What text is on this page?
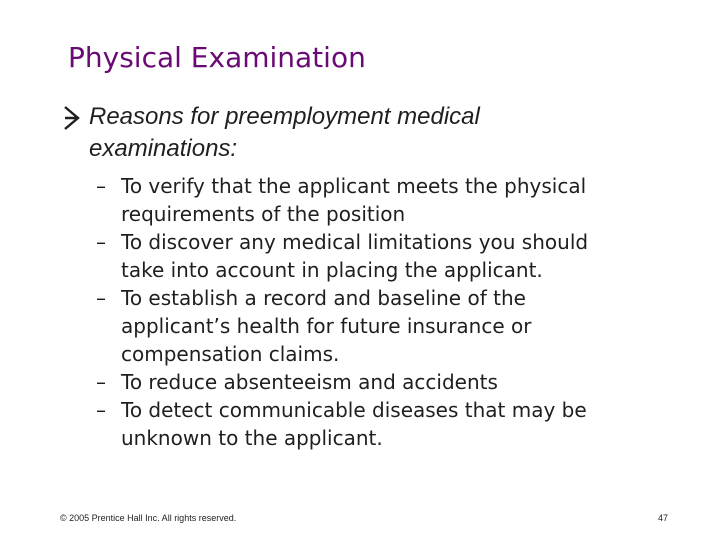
Physical Examination
Reasons for preemployment medical
examinations:
– To verify that the applicant meets the physical
requirements of the position
– To discover any medical limitations you should
take into account in placing the applicant.
– To establish a record and baseline of the
applicant’s health for future insurance or
compensation claims.
– To reduce absenteeism and accidents
– To detect communicable diseases that may be
unknown to the applicant.
© 2005 Prentice Hall Inc. All rights reserved.	47
